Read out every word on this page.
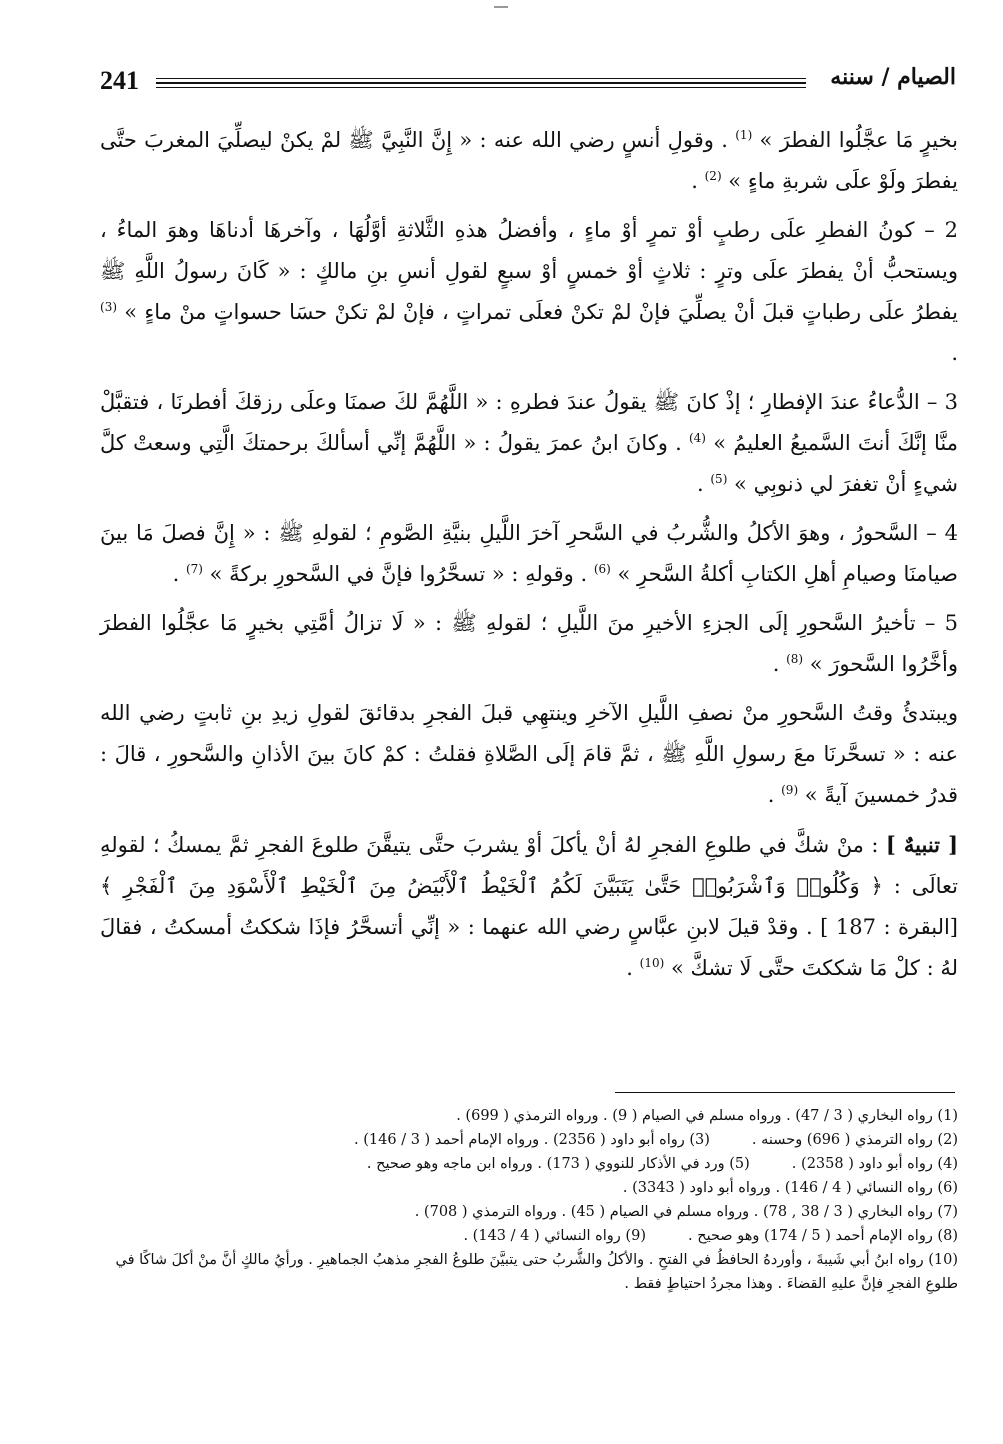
241	الصيام / سننه

بخيرٍ مَا عجَّلُوا الفطرَ » $^{(1)}$ . وقولِ أنسٍ رضي الله عنه : « إِنَّ النَّبِيَّ ﷺ لمْ يكنْ ليصلِّيَ المغربَ حتَّى يفطرَ ولَوْ علَى شربةِ ماءٍ » $^{(2)}$ .

2 – كونُ الفطرِ علَى رطبٍ أوْ تمرٍ أوْ ماءٍ ، وأفضلُ هذهِ الثَّلاثةِ أوَّلُهَا ، وآخرهَا أدناهَا وهوَ الماءُ ، ويستحبُّ أنْ يفطرَ علَى وترٍ : ثلاثٍ أوْ خمسٍ أوْ سبعٍ لقولِ أنسِ بنِ مالكٍ : « كَانَ رسولُ اللَّهِ ﷺ يفطرُ علَى رطباتٍ قبلَ أنْ يصلِّيَ فإنْ لمْ تكنْ فعلَى تمراتٍ ، فإنْ لمْ تكنْ حسَا حسواتٍ منْ ماءٍ » $^{(3)}$ .

3 – الدُّعاءُ عندَ الإفطارِ ؛ إذْ كانَ ﷺ يقولُ عندَ فطرهِ : « اللَّهُمَّ لكَ صمنَا وعلَى رزقكَ أفطرنَا ، فتقبَّلْ منَّا إنَّكَ أنتَ السَّميعُ العليمُ » $^{(4)}$ . وكانَ ابنُ عمرَ يقولُ : « اللَّهُمَّ إنِّي أسألكَ برحمتكَ الَّتِي وسعتْ كلَّ شيءٍ أنْ تغفرَ لي ذنوبِي » $^{(5)}$ .

4 – السَّحورُ ، وهوَ الأكلُ والشُّربُ في السَّحرِ آخرَ اللَّيلِ بنيَّةِ الصَّومِ ؛ لقولهِ ﷺ : « إِنَّ فصلَ مَا بينَ صيامنَا وصيامِ أهلِ الكتابِ أكلةُ السَّحرِ » $^{(6)}$ . وقولهِ : « تسحَّرُوا فإنَّ في السَّحورِ بركةً » $^{(7)}$ .

5 – تأخيرُ السَّحورِ إلَى الجزءِ الأخيرِ منَ اللَّيلِ ؛ لقولهِ ﷺ : « لَا تزالُ أمَّتِي بخيرٍ مَا عجَّلُوا الفطرَ وأخَّرُوا السَّحورَ » $^{(8)}$ .

ويبتدئُ وقتُ السَّحورِ منْ نصفِ اللَّيلِ الآخرِ وينتهِي قبلَ الفجرِ بدقائقَ لقولِ زيدِ بنِ ثابتٍ رضي الله عنه : « تسحَّرنَا معَ رسولِ اللَّهِ ﷺ ، ثمَّ قامَ إلَى الصَّلاةِ فقلتُ : كمْ كانَ بينَ الأذانِ والسَّحورِ ، قالَ : قدرُ خمسينَ آيةً » $^{(9)}$ .

[ تنبيهٌ ] : منْ شكَّ في طلوعِ الفجرِ لهُ أنْ يأكلَ أوْ يشربَ حتَّى يتيقَّنَ طلوعَ الفجرِ ثمَّ يمسكُ ؛ لقولهِ تعالَى : ﴿ وَكُلُوا۟ وَٱشْرَبُوا۟ حَتَّىٰ يَتَبَيَّنَ لَكُمُ ٱلْخَيْطُ ٱلْأَبْيَضُ مِنَ ٱلْخَيْطِ ٱلْأَسْوَدِ مِنَ ٱلْفَجْرِ ﴾ [البقرة : 187 ] . وقدْ قيلَ لابنِ عبَّاسٍ رضي الله عنهما : « إنِّي أتسحَّرُ فإذَا شككتُ أمسكتُ ، فقالَ لهُ : كلْ مَا شككتَ حتَّى لَا تشكَّ » $^{(10)}$ .

(1) رواه البخاري ( 3 / 47) . ورواه مسلم في الصيام ( 9) . ورواه الترمذي ( 699) .

(2) رواه الترمذي ( 696) وحسنه .(3) رواه أبو داود ( 2356) . ورواه الإمام أحمد ( 3 / 146) .

(4) رواه أبو داود ( 2358) .(5) ورد في الأذكار للنووي ( 173) . ورواه ابن ماجه وهو صحيح .

(6) رواه النسائي ( 4 / 146) . ورواه أبو داود ( 3343) .

(7) رواه البخاري ( 3 / 38 , 78) . ورواه مسلم في الصيام ( 45) . ورواه الترمذي ( 708) .

(8) رواه الإمام أحمد ( 5 / 174) وهو صحيح .(9) رواه النسائي ( 4 / 143) .

(10) رواه ابنُ أبي شَيبةَ ، وأوردهُ الحافظُ في الفتحِ . والأكلُ والشُّربُ حتى يتبيَّنَ طلوعُ الفجرِ مذهبُ الجماهيرِ . ورأيُ مالكٍ أنَّ منْ أكلَ شاكًا في طلوعِ الفجرِ فإنَّ عليهِ القضاءَ . وهذا مجردُ احتياطٍ فقط .
